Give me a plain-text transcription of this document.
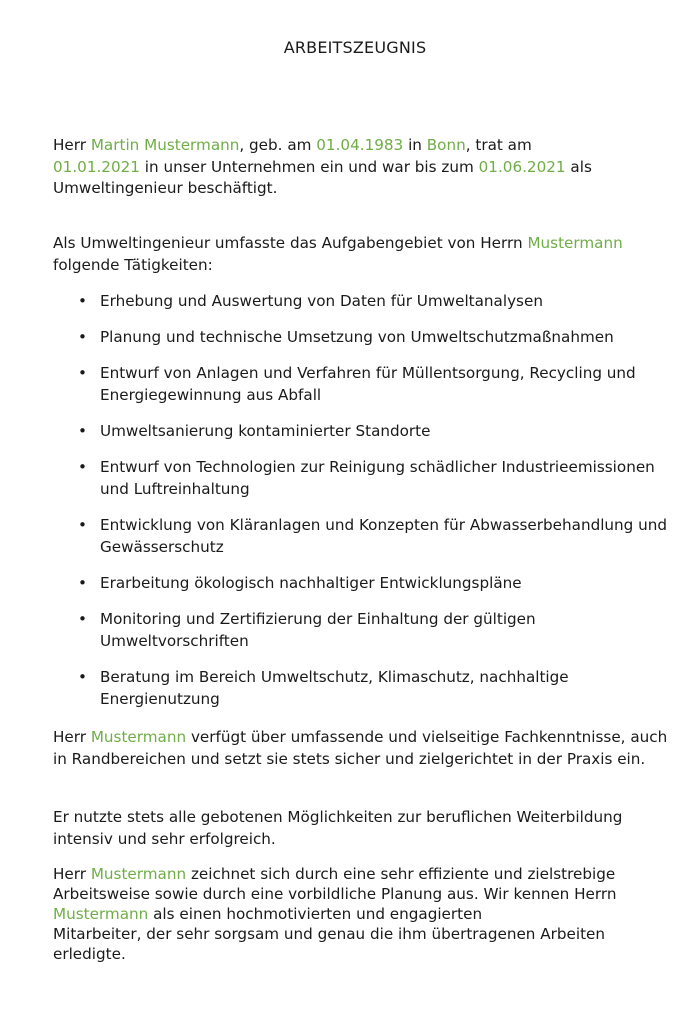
ARBEITSZEUGNIS
Herr Martin Mustermann, geb. am 01.04.1983 in Bonn, trat am
01.01.2021 in unser Unternehmen ein und war bis zum 01.06.2021 als
Umweltingenieur beschäftigt.
Als Umweltingenieur umfasste das Aufgabengebiet von Herrn Mustermann
folgende Tätigkeiten:
• Erhebung und Auswertung von Daten für Umweltanalysen
• Planung und technische Umsetzung von Umweltschutzmaßnahmen
• Entwurf von Anlagen und Verfahren für Müllentsorgung, Recycling und Energiegewinnung aus Abfall
• Umweltsanierung kontaminierter Standorte
• Entwurf von Technologien zur Reinigung schädlicher Industrieemissionen und Luftreinhaltung
• Entwicklung von Kläranlagen und Konzepten für Abwasserbehandlung und Gewässerschutz
• Erarbeitung ökologisch nachhaltiger Entwicklungspläne
• Monitoring und Zertifizierung der Einhaltung der gültigen Umweltvorschriften
• Beratung im Bereich Umweltschutz, Klimaschutz, nachhaltige Energienutzung
Herr Mustermann verfügt über umfassende und vielseitige Fachkenntnisse, auch in Randbereichen und setzt sie stets sicher und zielgerichtet in der Praxis ein.
Er nutzte stets alle gebotenen Möglichkeiten zur beruflichen Weiterbildung intensiv und sehr erfolgreich.
Herr Mustermann zeichnet sich durch eine sehr effiziente und zielstrebige Arbeitsweise sowie durch eine vorbildliche Planung aus. Wir kennen Herrn
Mustermann als einen hochmotivierten und engagierten
Mitarbeiter, der sehr sorgsam und genau die ihm übertragenen Arbeiten erledigte.
